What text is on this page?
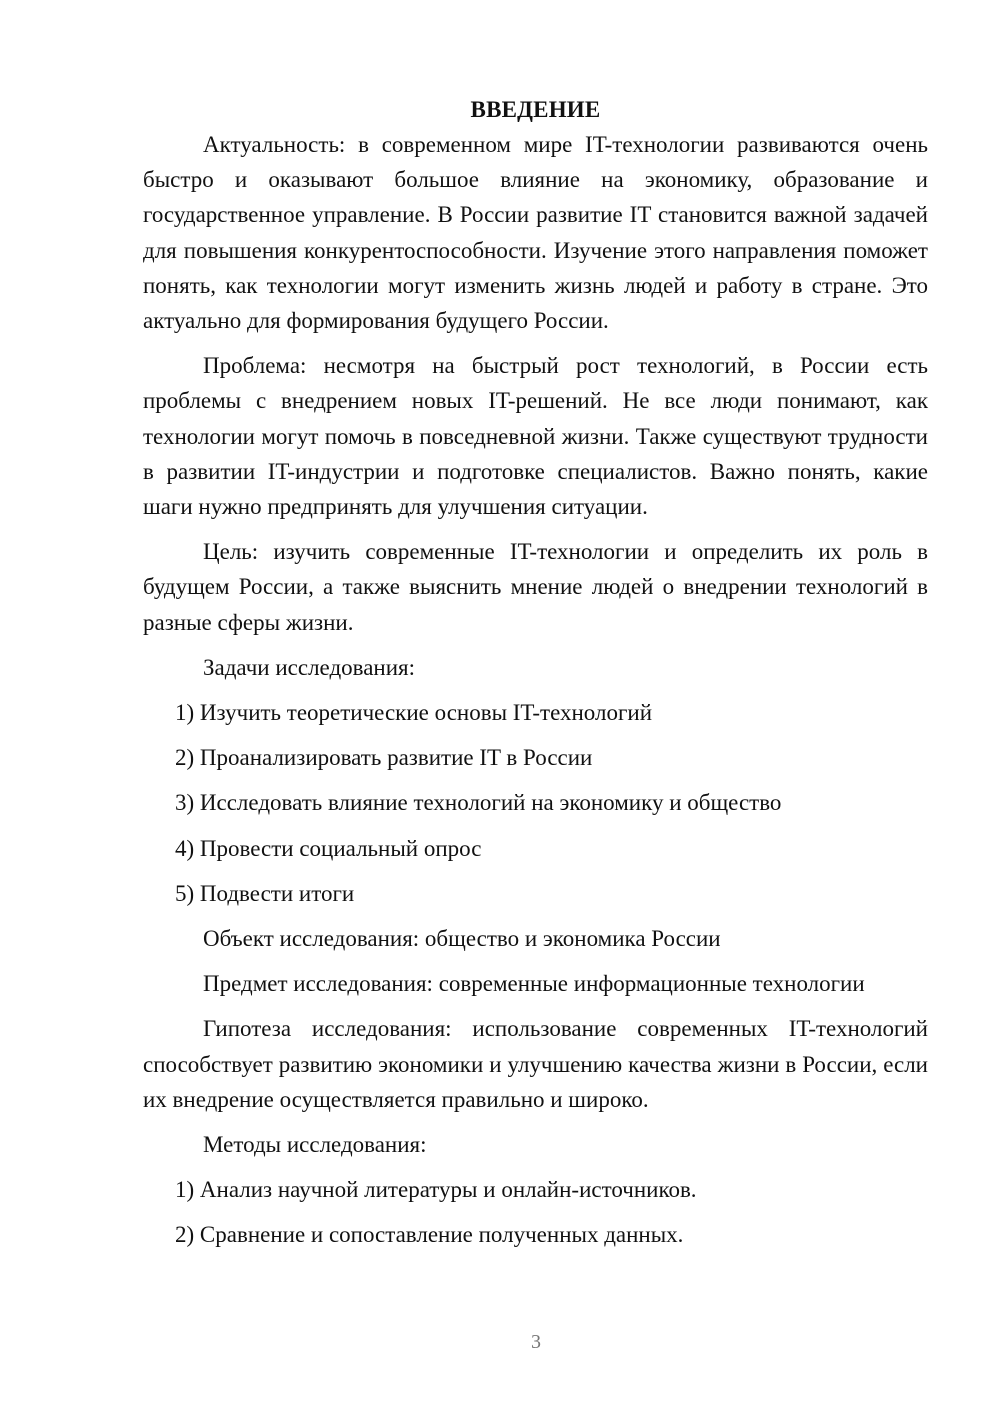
ВВЕДЕНИЕ

Актуальность: в современном мире IT-технологии развиваются очень быстро и оказывают большое влияние на экономику, образование и государственное управление. В России развитие IT становится важной задачей для повышения конкурентоспособности. Изучение этого направления поможет понять, как технологии могут изменить жизнь людей и работу в стране. Это актуально для формирования будущего России.

Проблема: несмотря на быстрый рост технологий, в России есть проблемы с внедрением новых IT-решений. Не все люди понимают, как технологии могут помочь в повседневной жизни. Также существуют трудности в развитии IT-индустрии и подготовке специалистов. Важно понять, какие шаги нужно предпринять для улучшения ситуации.

Цель: изучить современные IT-технологии и определить их роль в будущем России, а также выяснить мнение людей о внедрении технологий в разные сферы жизни.

Задачи исследования:
1) Изучить теоретические основы IT-технологий
2) Проанализировать развитие IT в России
3) Исследовать влияние технологий на экономику и общество
4) Провести социальный опрос
5) Подвести итоги
Объект исследования: общество и экономика России
Предмет исследования: современные информационные технологии

Гипотеза исследования: использование современных IT-технологий способствует развитию экономики и улучшению качества жизни в России, если их внедрение осуществляется правильно и широко.

Методы исследования:
1) Анализ научной литературы и онлайн-источников.
2) Сравнение и сопоставление полученных данных.
3
